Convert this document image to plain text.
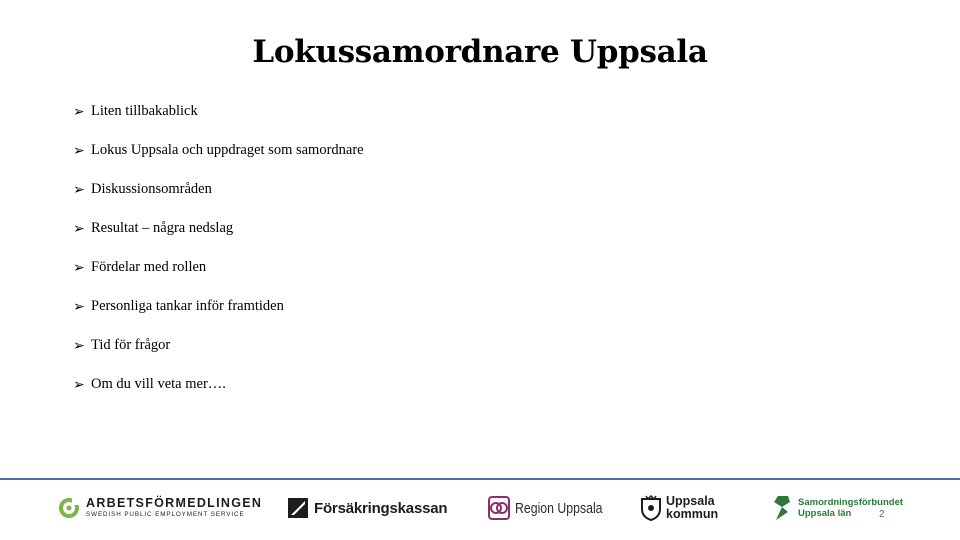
Lokussamordnare Uppsala
➢ Liten tillbakablick
➢ Lokus Uppsala och uppdraget som samordnare
➢ Diskussionsområden
➢ Resultat – några nedslag
➢ Fördelar med rollen
➢ Personliga tankar inför framtiden
➢ Tid för frågor
➢ Om du vill veta mer….
ARBETSFÖRMEDLINGEN
SWEDISH PUBLIC EMPLOYMENT SERVICE	Försäkringskassan	Region Uppsala	Uppsala
kommun
Samordningsförbundet
Uppsala län	2
